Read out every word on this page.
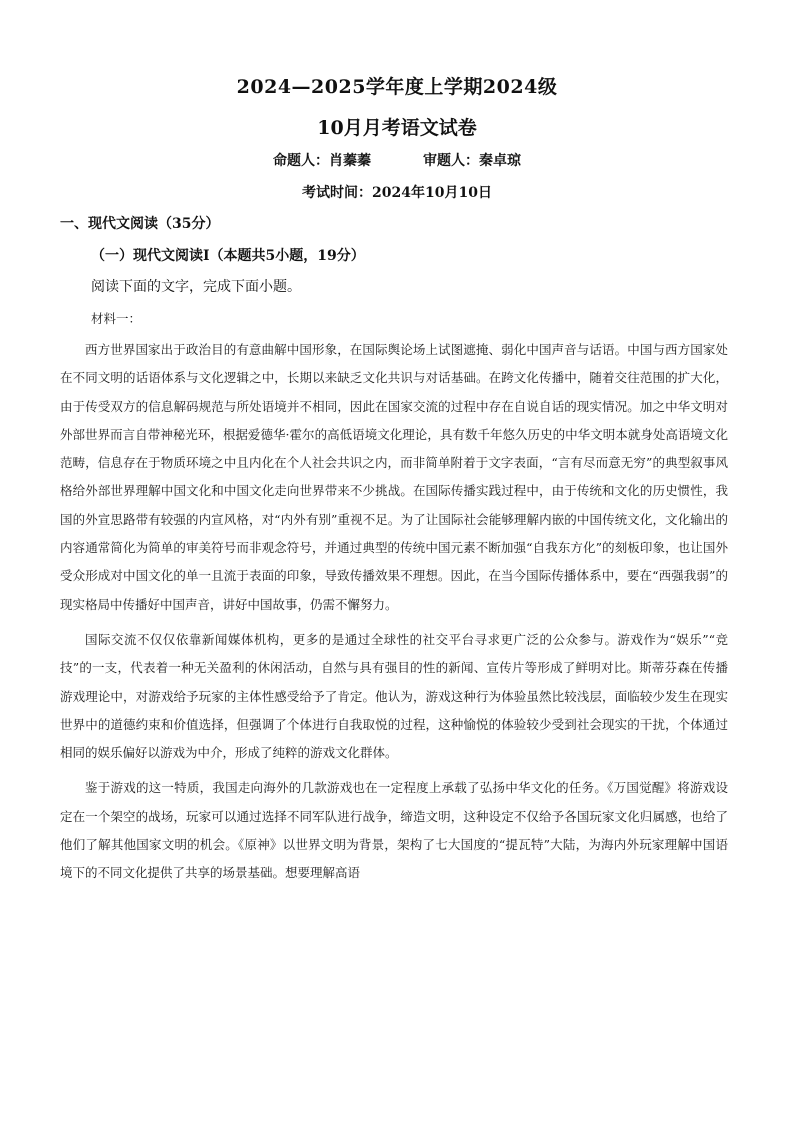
2024—2025学年度上学期2024级
10月月考语文试卷
命题人：肖蓁蓁	审题人：秦卓琼
考试时间：2024年10月10日
一、现代文阅读（35分）
（一）现代文阅读Ⅰ（本题共5小题，19分）
阅读下面的文字，完成下面小题。
材料一：

西方世界国家出于政治目的有意曲解中国形象，在国际舆论场上试图遮掩、弱化中国声音与话语。中国与西方国家处在不同文明的话语体系与文化逻辑之中，长期以来缺乏文化共识与对话基础。在跨文化传播中，随着交往范围的扩大化，由于传受双方的信息解码规范与所处语境并不相同，因此在国家交流的过程中存在自说自话的现实情况。加之中华文明对外部世界而言自带神秘光环，根据爱德华·霍尔的高低语境文化理论，具有数千年悠久历史的中华文明本就身处高语境文化范畴，信息存在于物质环境之中且内化在个人社会共识之内，而非简单附着于文字表面，“言有尽而意无穷”的典型叙事风格给外部世界理解中国文化和中国文化走向世界带来不少挑战。在国际传播实践过程中，由于传统和文化的历史惯性，我国的外宣思路带有较强的内宣风格，对“内外有别”重视不足。为了让国际社会能够理解内嵌的中国传统文化，文化输出的内容通常简化为简单的审美符号而非观念符号，并通过典型的传统中国元素不断加强“自我东方化”的刻板印象，也让国外受众形成对中国文化的单一且流于表面的印象，导致传播效果不理想。因此，在当今国际传播体系中，要在“西强我弱”的现实格局中传播好中国声音，讲好中国故事，仍需不懈努力。

国际交流不仅仅依靠新闻媒体机构，更多的是通过全球性的社交平台寻求更广泛的公众参与。游戏作为“娱乐”“竞技”的一支，代表着一种无关盈利的休闲活动，自然与具有强目的性的新闻、宣传片等形成了鲜明对比。斯蒂芬森在传播游戏理论中，对游戏给予玩家的主体性感受给予了肯定。他认为，游戏这种行为体验虽然比较浅层，面临较少发生在现实世界中的道德约束和价值选择，但强调了个体进行自我取悦的过程，这种愉悦的体验较少受到社会现实的干扰，个体通过相同的娱乐偏好以游戏为中介，形成了纯粹的游戏文化群体。

鉴于游戏的这一特质，我国走向海外的几款游戏也在一定程度上承载了弘扬中华文化的任务。《万国觉醒》将游戏设定在一个架空的战场，玩家可以通过选择不同军队进行战争，缔造文明，这种设定不仅给予各国玩家文化归属感，也给了他们了解其他国家文明的机会。《原神》以世界文明为背景，架构了七大国度的“提瓦特”大陆，为海内外玩家理解中国语境下的不同文化提供了共享的场景基础。想要理解高语
